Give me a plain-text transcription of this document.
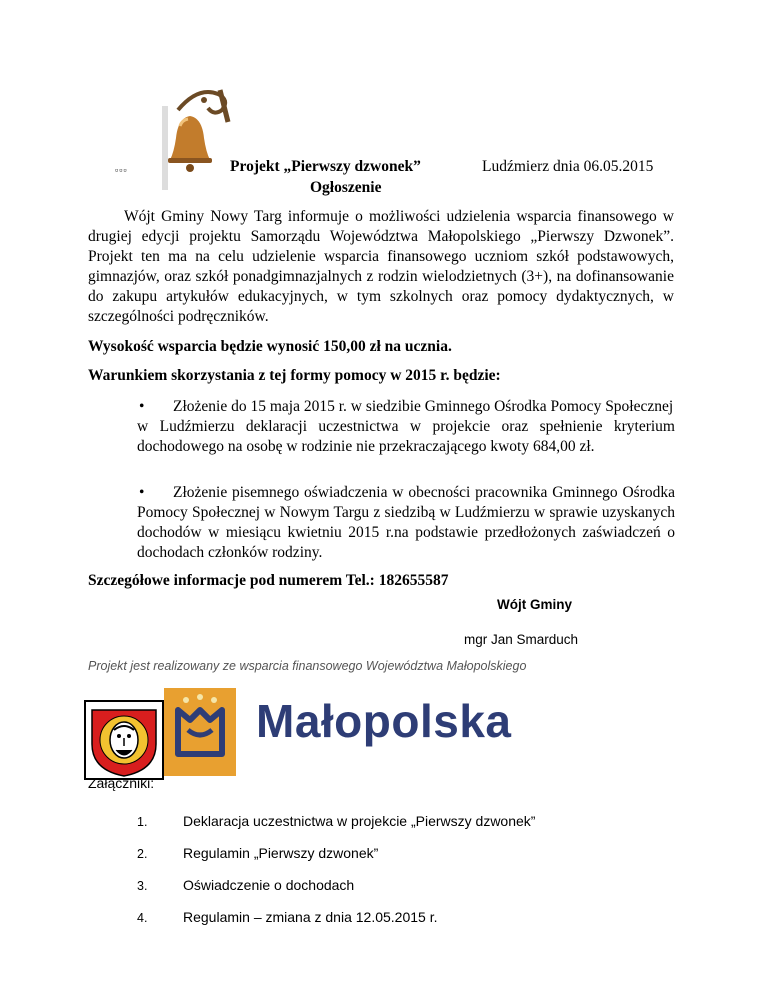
▫▫▫	Projekt „Pierwszy dzwonek”
Ogłoszenie
Ludźmierz dnia 06.05.2015

Wójt Gminy Nowy Targ informuje o możliwości udzielenia wsparcia finansowego w drugiej edycji projektu Samorządu Województwa Małopolskiego „Pierwszy Dzwonek”. Projekt ten ma na celu udzielenie wsparcia finansowego uczniom szkół podstawowych, gimnazjów, oraz szkół ponadgimnazjalnych z rodzin wielodzietnych (3+), na dofinansowanie do zakupu artykułów edukacyjnych, w tym szkolnych oraz pomocy dydaktycznych, w szczególności podręczników.

Wysokość wsparcia będzie wynosić 150,00 zł na ucznia.

Warunkiem skorzystania z tej formy pomocy w 2015 r. będzie:

•	Złożenie do 15 maja 2015 r. w siedzibie Gminnego Ośrodka Pomocy Społecznej
w Ludźmierzu deklaracji uczestnictwa w projekcie oraz spełnienie kryterium dochodowego na osobę w rodzinie nie przekraczającego kwoty 684,00 zł.
•	Złożenie pisemnego oświadczenia w obecności pracownika Gminnego Ośrodka Pomocy Społecznej w Nowym Targu z siedzibą w Ludźmierzu w sprawie uzyskanych dochodów w miesiącu kwietniu 2015 r.na podstawie przedłożonych zaświadczeń o dochodach członków rodziny.

Szczegółowe informacje pod numerem Tel.: 182655587

Wójt Gminy
mgr Jan Smarduch
Projekt jest realizowany ze wsparcia finansowego Województwa Małopolskiego
Małopolska
Załączniki:
1.	Deklaracja uczestnictwa w projekcie „Pierwszy dzwonek”
2.	Regulamin „Pierwszy dzwonek”
3.	Oświadczenie o dochodach
4.	Regulamin – zmiana z dnia 12.05.2015 r.
